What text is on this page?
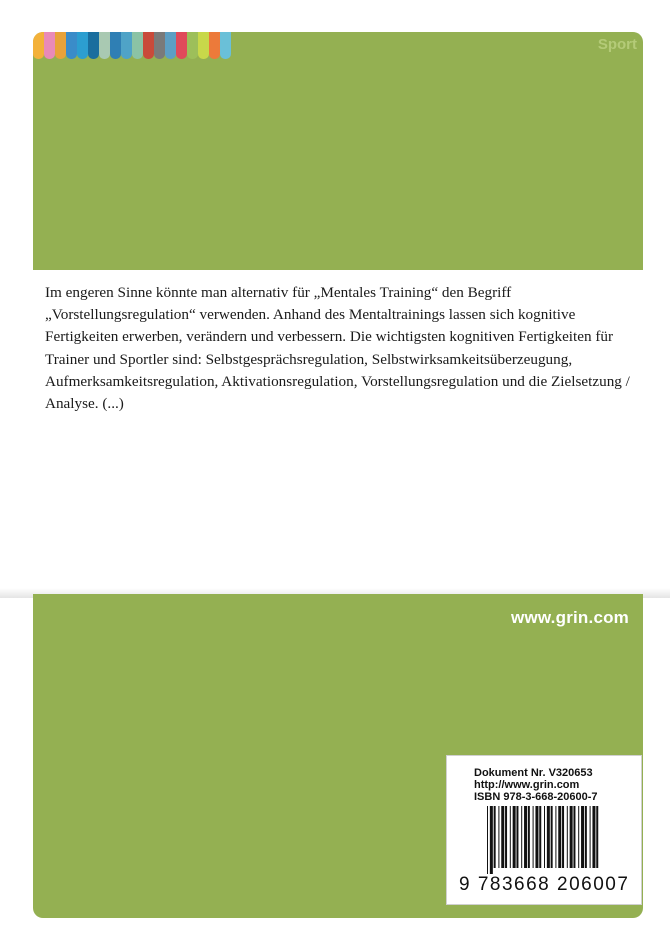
Sport

Im engeren Sinne könnte man alternativ für „Mentales Training“ den Begriff „Vorstellungsregulation“ verwenden. Anhand des Mentaltrainings lassen sich kognitive Fertigkeiten erwerben, verändern und verbessern. Die wichtigsten kognitiven Fertigkeiten für Trainer und Sportler sind: Selbstgesprächsregulation, Selbstwirksamkeitsüberzeugung, Aufmerksamkeitsregulation, Aktivationsregulation, Vorstellungsregulation und die Zielsetzung / Analyse. (...)

www.grin.com
Dokument Nr. V320653
http://www.grin.com
ISBN 978-3-668-20600-7
9 783668 206007
